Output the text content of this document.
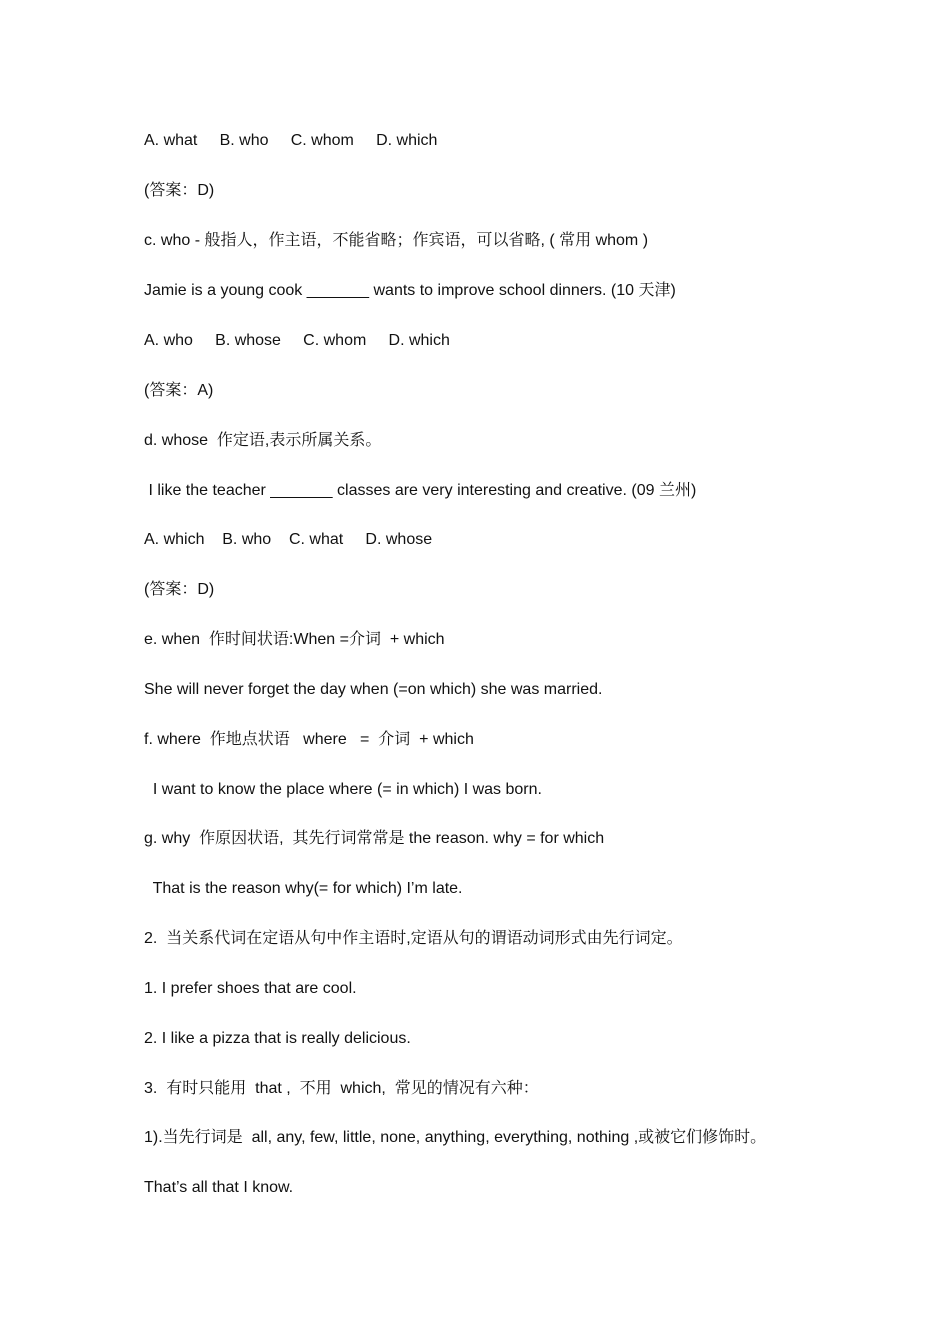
A. what     B. who     C. whom     D. which
(答案：D)
c. who - 般指人，作主语，不能省略；作宾语，可以省略, ( 常用 whom )
Jamie is a young cook _______ wants to improve school dinners. (10 天津)
A. who     B. whose     C. whom     D. which
(答案：A)
d. whose  作定语,表示所属关系。
I like the teacher _______ classes are very interesting and creative. (09 兰州)
A. which    B. who    C. what     D. whose
(答案：D)
e. when  作时间状语:When =介词  + which
She will never forget the day when (=on which) she was married.
f. where  作地点状语   where   =  介词  + which
I want to know the place where (= in which) I was born.
g. why  作原因状语,  其先行词常常是 the reason. why = for which
That is the reason why(= for which) I’m late.
2.  当关系代词在定语从句中作主语时,定语从句的谓语动词形式由先行词定。
1. I prefer shoes that are cool.
2. I like a pizza that is really delicious.
3.  有时只能用  that ,  不用  which,  常见的情况有六种：
1).当先行词是  all, any, few, little, none, anything, everything, nothing ,或被它们修饰时。
That’s all that I know.
